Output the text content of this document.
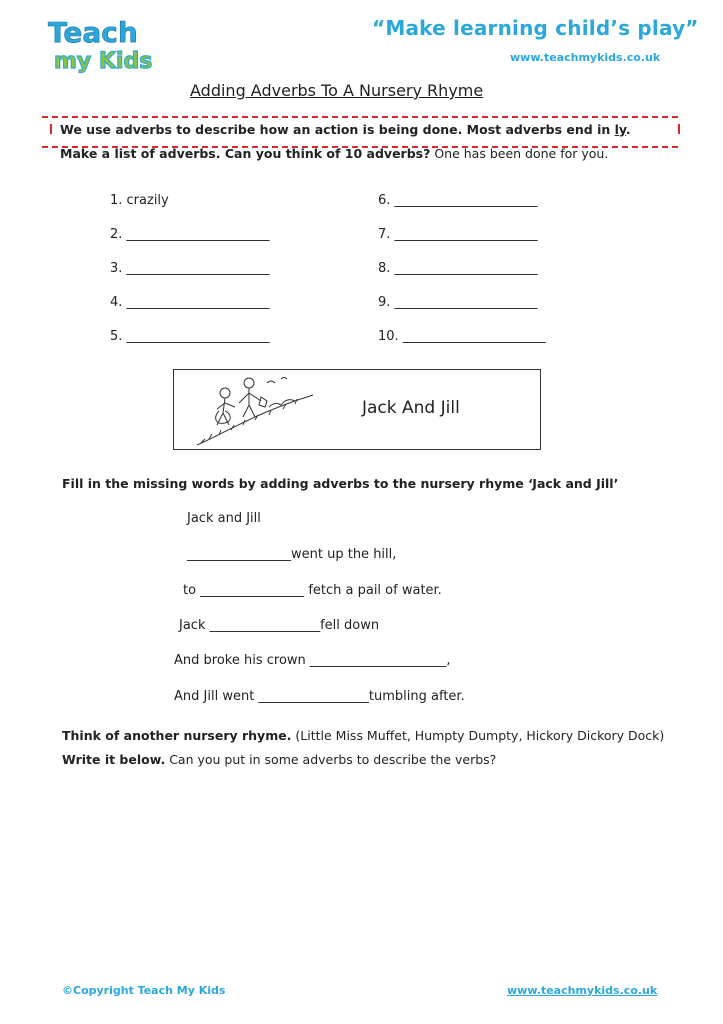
Teach
my Kids
“Make learning child’s play”
www.teachmykids.co.uk
Adding Adverbs To A Nursery Rhyme
We use adverbs to describe how an action is being done. Most adverbs end in ly.
Make a list of adverbs. Can you think of 10 adverbs? One has been done for you.
1. crazily
2. ______________________
3. ______________________
4. ______________________
5. ______________________
6. ______________________
7. ______________________
8. ______________________
9. ______________________
10. ______________________
Jack And Jill
Fill in the missing words by adding adverbs to the nursery rhyme ‘Jack and Jill’
Jack and Jill
________________went up the hill,
to ________________ fetch a pail of water.
Jack _________________fell down
And broke his crown _____________________,
And Jill went _________________tumbling after.
Think of another nursery rhyme. (Little Miss Muffet, Humpty Dumpty, Hickory Dickory Dock) Write it below. Can you put in some adverbs to describe the verbs?
©Copyright Teach My Kids	www.teachmykids.co.uk
